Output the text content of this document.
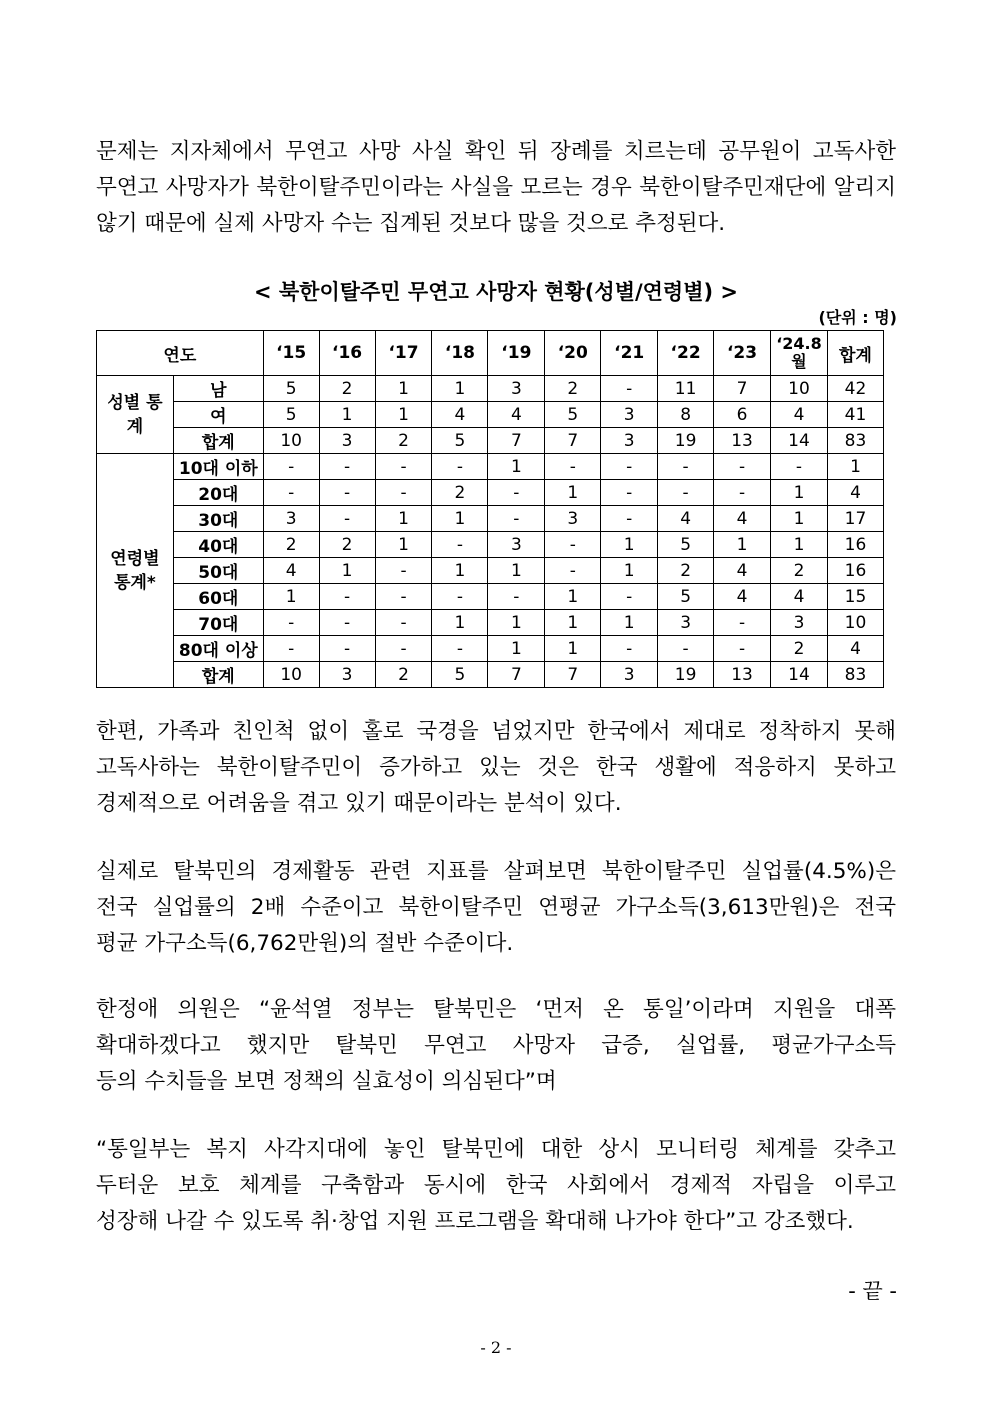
문제는 지자체에서 무연고 사망 사실 확인 뒤 장례를 치르는데 공무원이 고독사한
무연고 사망자가 북한이탈주민이라는 사실을 모르는 경우 북한이탈주민재단에 알리지
않기 때문에 실제 사망자 수는 집계된 것보다 많을 것으로 추정된다.
< 북한이탈주민 무연고 사망자 현황(성별/연령별) >
(단위 : 명)
연도		‘15	‘16	‘17	‘18	‘19	‘20	‘21	‘22	‘23	‘24.8월	합계
성별 통계	남	5	2	1	1	3	2	-	11	7	10	42
	여	5	1	1	4	4	5	3	8	6	4	41
	합계	10	3	2	5	7	7	3	19	13	14	83
연령별 통계*	10대 이하	-	-	-	-	1	-	-	-	-	-	1
	20대	-	-	-	2	-	1	-	-	-	1	4
	30대	3	-	1	1	-	3	-	4	4	1	17
	40대	2	2	1	-	3	-	1	5	1	1	16
	50대	4	1	-	1	1	-	1	2	4	2	16
	60대	1	-	-	-	-	1	-	5	4	4	15
	70대	-	-	-	1	1	1	1	3	-	3	10
	80대 이상	-	-	-	-	1	1	-	-	-	2	4
	합계	10	3	2	5	7	7	3	19	13	14	83
한편, 가족과 친인척 없이 홀로 국경을 넘었지만 한국에서 제대로 정착하지 못해
고독사하는 북한이탈주민이 증가하고 있는 것은 한국 생활에 적응하지 못하고
경제적으로 어려움을 겪고 있기 때문이라는 분석이 있다.
실제로 탈북민의 경제활동 관련 지표를 살펴보면 북한이탈주민 실업률(4.5%)은
전국 실업률의 2배 수준이고 북한이탈주민 연평균 가구소득(3,613만원)은 전국
평균 가구소득(6,762만원)의 절반 수준이다.
한정애 의원은 “윤석열 정부는 탈북민은 ‘먼저 온 통일’이라며 지원을 대폭
확대하겠다고 했지만 탈북민 무연고 사망자 급증, 실업률, 평균가구소득
등의 수치들을 보면 정책의 실효성이 의심된다”며
“통일부는 복지 사각지대에 놓인 탈북민에 대한 상시 모니터링 체계를 갖추고
두터운 보호 체계를 구축함과 동시에 한국 사회에서 경제적 자립을 이루고
성장해 나갈 수 있도록 취·창업 지원 프로그램을 확대해 나가야 한다”고 강조했다.
- 끝 -
- 2 -
